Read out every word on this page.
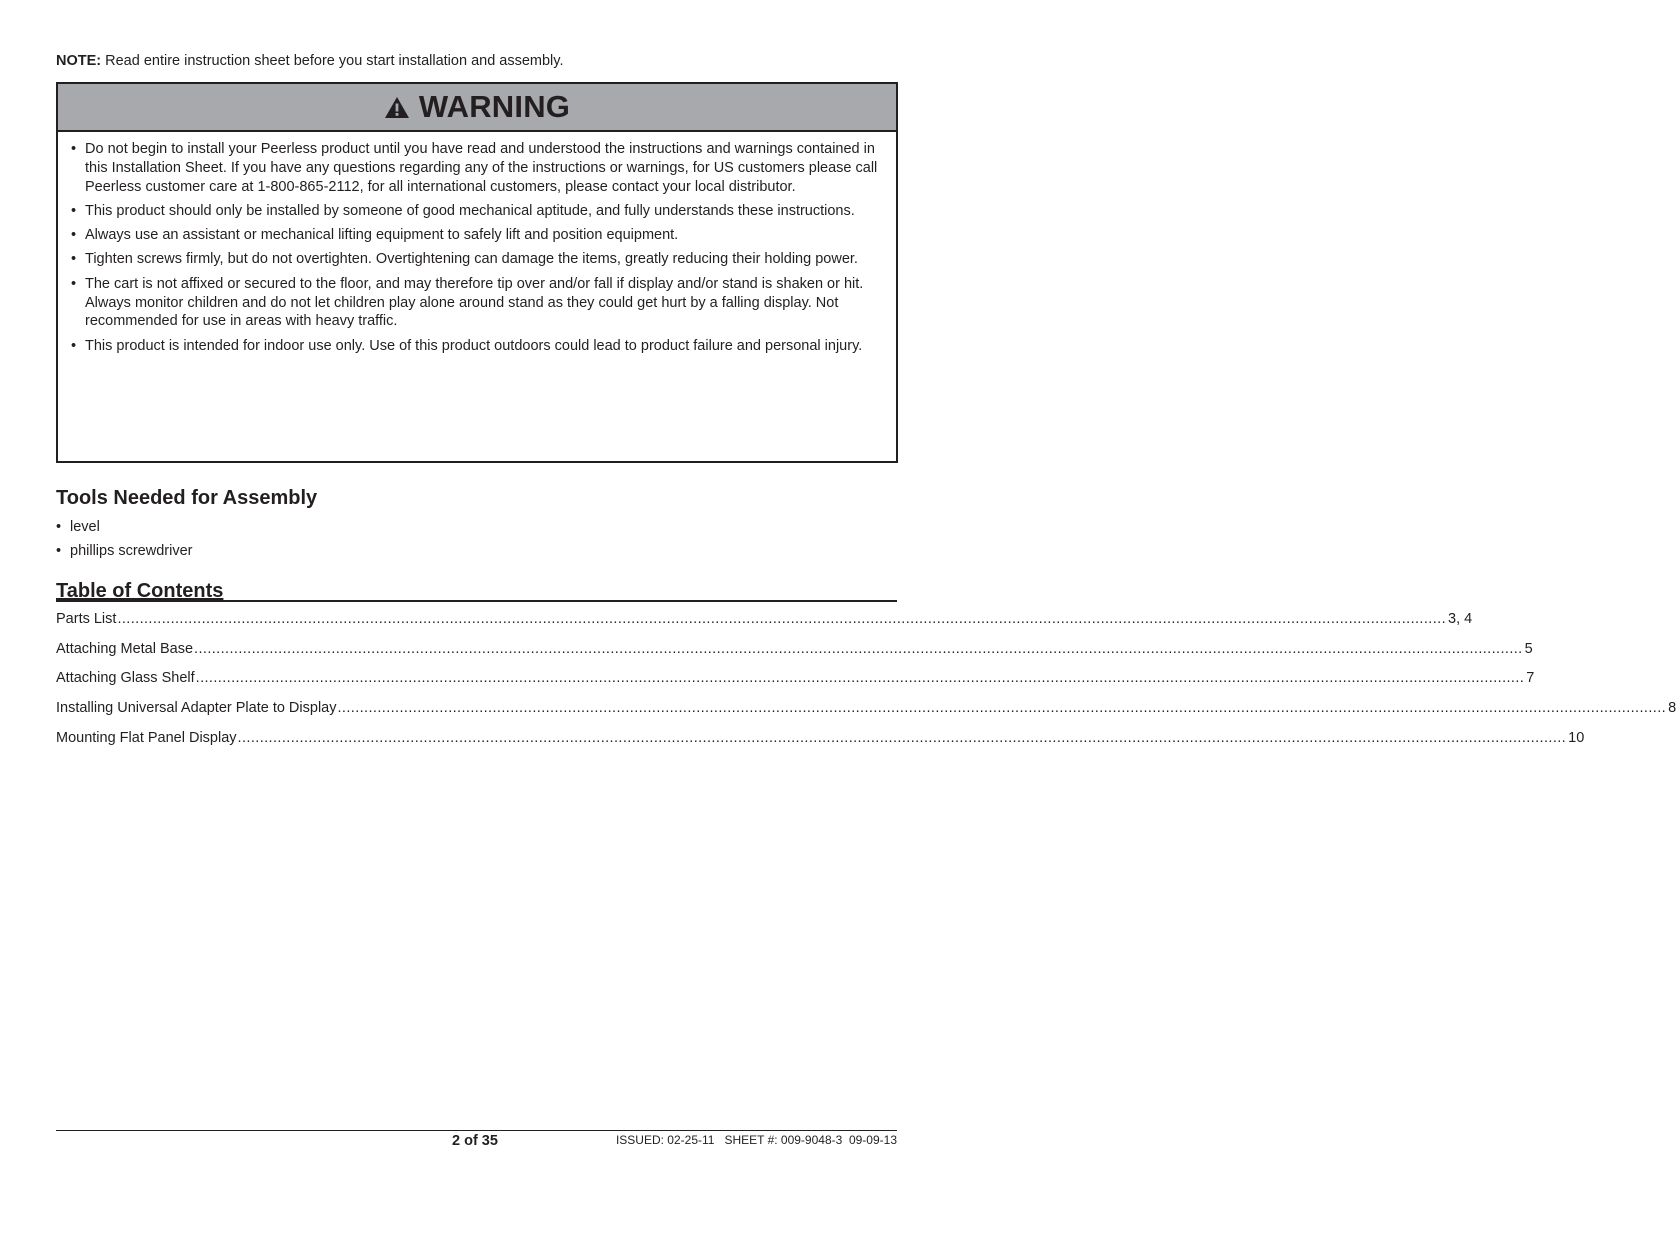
NOTE: Read entire instruction sheet before you start installation and assembly.
WARNING
• Do not begin to install your Peerless product until you have read and understood the instructions and warnings contained in this Installation Sheet. If you have any questions regarding any of the instructions or warnings, for US customers please call Peerless customer care at 1-800-865-2112, for all international customers, please contact your local distributor.
• This product should only be installed by someone of good mechanical aptitude, and fully understands these instructions.
• Always use an assistant or mechanical lifting equipment to safely lift and position equipment.
• Tighten screws firmly, but do not overtighten. Overtightening can damage the items, greatly reducing their holding power.
• The cart is not affixed or secured to the floor, and may therefore tip over and/or fall if display and/or stand is shaken or hit. Always monitor children and do not let children play alone around stand as they could get hurt by a falling display. Not recommended for use in areas with heavy traffic.
• This product is intended for indoor use only. Use of this product outdoors could lead to product failure and personal injury.
Tools Needed for Assembly
• level
• phillips screwdriver
Table of Contents
Parts List ............................................................................................................................................................................................................................................................................................................ 3, 4
Attaching Metal Base ............................................................................................................................................................................................................................................................................................................ 5
Attaching Glass Shelf ............................................................................................................................................................................................................................................................................................................ 7
Installing Universal Adapter Plate to Display ............................................................................................................................................................................................................................................................................................................ 8
Mounting Flat Panel Display ............................................................................................................................................................................................................................................................................................................ 10
2 of 35	ISSUED: 02-25-11   SHEET #: 009-9048-3  09-09-13
